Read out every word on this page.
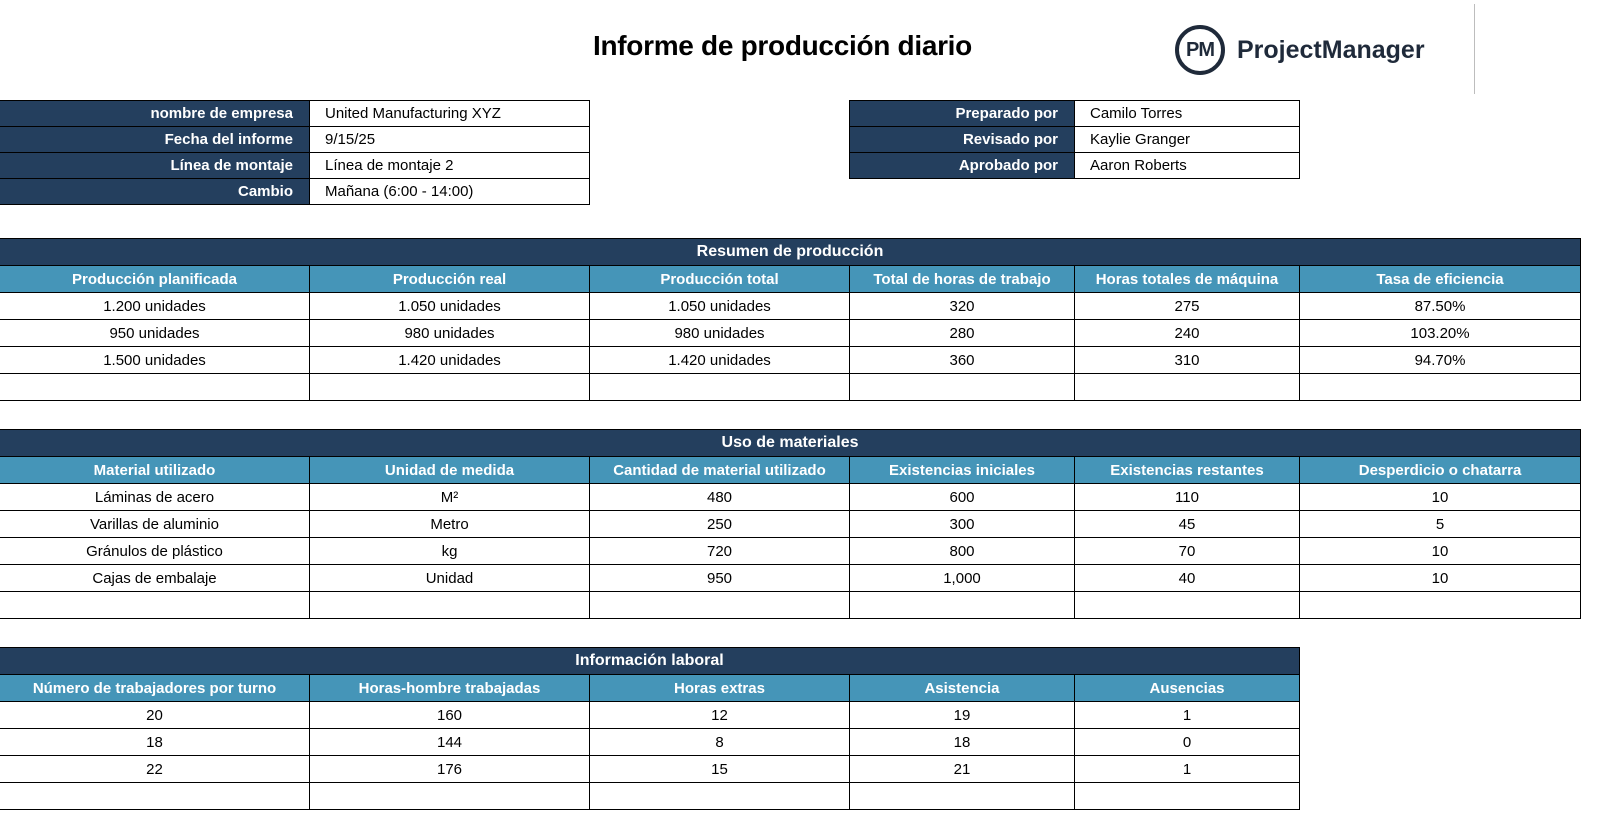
Informe de producción diario	PM ProjectManager
nombre de empresa	United Manufacturing XYZ
Fecha del informe	9/15/25
Línea de montaje	Línea de montaje 2
Cambio	Mañana (6:00 - 14:00)
Preparado por	Camilo Torres
Revisado por	Kaylie Granger
Aprobado por	Aaron Roberts
Resumen de producción					
Producción planificada	Producción real	Producción total	Total de horas de trabajo	Horas totales de máquina	Tasa de eficiencia
1.200 unidades	1.050 unidades	1.050 unidades	320	275	87.50%
950 unidades	980 unidades	980 unidades	280	240	103.20%
1.500 unidades	1.420 unidades	1.420 unidades	360	310	94.70%

Uso de materiales					
Material utilizado	Unidad de medida	Cantidad de material utilizado	Existencias iniciales	Existencias restantes	Desperdicio o chatarra
Láminas de acero	M²	480	600	110	10
Varillas de aluminio	Metro	250	300	45	5
Gránulos de plástico	kg	720	800	70	10
Cajas de embalaje	Unidad	950	1,000	40	10

Información laboral				
Número de trabajadores por turno	Horas-hombre trabajadas	Horas extras	Asistencia	Ausencias
20	160	12	19	1
18	144	8	18	0
22	176	15	21	1
